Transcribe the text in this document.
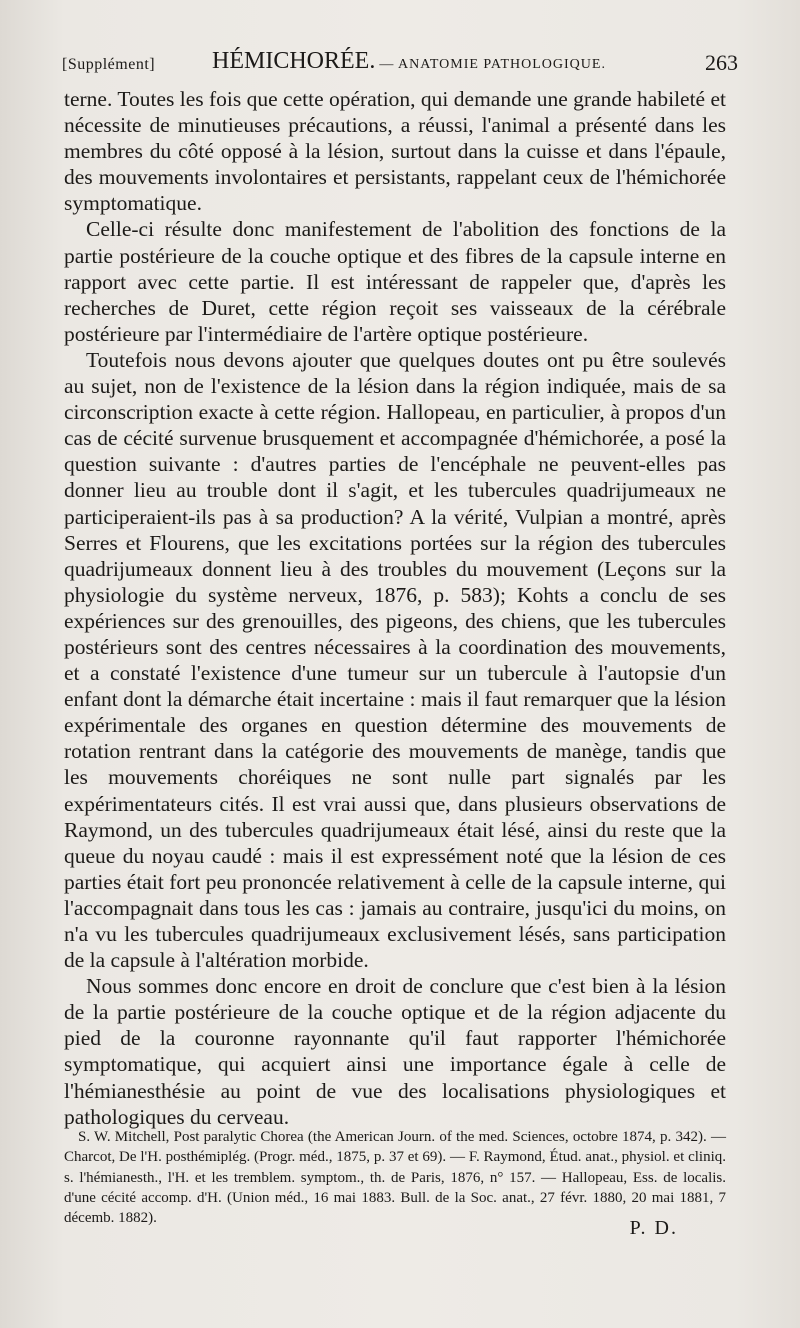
[Supplément] HÉMICHORÉE. — ANATOMIE PATHOLOGIQUE.	263

terne. Toutes les fois que cette opération, qui demande une grande habileté et nécessite de minutieuses précautions, a réussi, l'animal a présenté dans les membres du côté opposé à la lésion, surtout dans la cuisse et dans l'épaule, des mouvements involontaires et persistants, rappelant ceux de l'hémichorée symptomatique.

Celle-ci résulte donc manifestement de l'abolition des fonctions de la partie postérieure de la couche optique et des fibres de la capsule interne en rapport avec cette partie. Il est intéressant de rappeler que, d'après les recherches de Duret, cette région reçoit ses vaisseaux de la cérébrale postérieure par l'intermédiaire de l'artère optique postérieure.

Toutefois nous devons ajouter que quelques doutes ont pu être soulevés au sujet, non de l'existence de la lésion dans la région indiquée, mais de sa circonscription exacte à cette région. Hallopeau, en particulier, à propos d'un cas de cécité survenue brusquement et accompagnée d'hémichorée, a posé la question suivante : d'autres parties de l'encéphale ne peuvent-elles pas donner lieu au trouble dont il s'agit, et les tubercules quadrijumeaux ne participeraient-ils pas à sa production? A la vérité, Vulpian a montré, après Serres et Flourens, que les excitations portées sur la région des tubercules quadrijumeaux donnent lieu à des troubles du mouvement (Leçons sur la physiologie du système nerveux, 1876, p. 583); Kohts a conclu de ses expériences sur des grenouilles, des pigeons, des chiens, que les tubercules postérieurs sont des centres nécessaires à la coordination des mouvements, et a constaté l'existence d'une tumeur sur un tubercule à l'autopsie d'un enfant dont la démarche était incertaine : mais il faut remarquer que la lésion expérimentale des organes en question détermine des mouvements de rotation rentrant dans la catégorie des mouvements de manège, tandis que les mouvements choréiques ne sont nulle part signalés par les expérimentateurs cités. Il est vrai aussi que, dans plusieurs observations de Raymond, un des tubercules quadrijumeaux était lésé, ainsi du reste que la queue du noyau caudé : mais il est expressément noté que la lésion de ces parties était fort peu prononcée relativement à celle de la capsule interne, qui l'accompagnait dans tous les cas : jamais au contraire, jusqu'ici du moins, on n'a vu les tubercules quadrijumeaux exclusivement lésés, sans participation de la capsule à l'altération morbide.

Nous sommes donc encore en droit de conclure que c'est bien à la lésion de la partie postérieure de la couche optique et de la région adjacente du pied de la couronne rayonnante qu'il faut rapporter l'hémichorée symptomatique, qui acquiert ainsi une importance égale à celle de l'hémianesthésie au point de vue des localisations physiologiques et pathologiques du cerveau.

S. W. Mitchell, Post paralytic Chorea (the American Journ. of the med. Sciences, octobre 1874, p. 342). — Charcot, De l'H. posthémiplég. (Progr. méd., 1875, p. 37 et 69). — F. Raymond, Étud. anat., physiol. et cliniq. s. l'hémianesth., l'H. et les tremblem. symptom., th. de Paris, 1876, n° 157. — Hallopeau, Ess. de localis. d'une cécité accomp. d'H. (Union méd., 16 mai 1883. Bull. de la Soc. anat., 27 févr. 1880, 20 mai 1881, 7 décemb. 1882).	P. D.
